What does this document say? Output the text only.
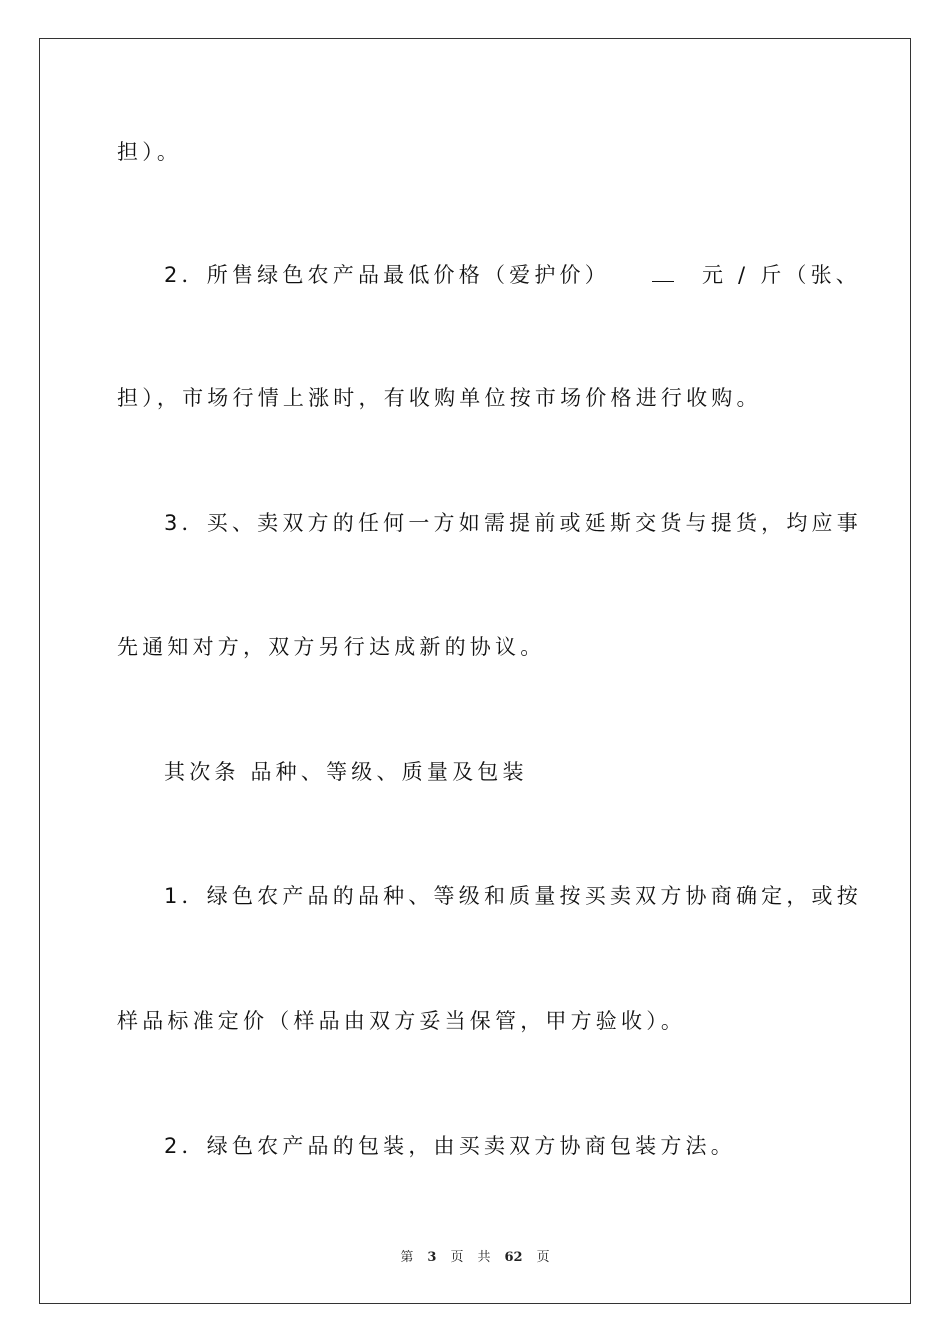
担）。
2．所售绿色农产品最低价格（爱护价）	元 / 斤（张、
担），市场行情上涨时，有收购单位按市场价格进行收购。
3．买、卖双方的任何一方如需提前或延斯交货与提货，均应事
先通知对方，双方另行达成新的协议。
其次条 品种、等级、质量及包装
1．绿色农产品的品种、等级和质量按买卖双方协商确定，或按
样品标准定价（样品由双方妥当保管，甲方验收）。
2．绿色农产品的包装，由买卖双方协商包装方法。
第 3 页 共 62 页
